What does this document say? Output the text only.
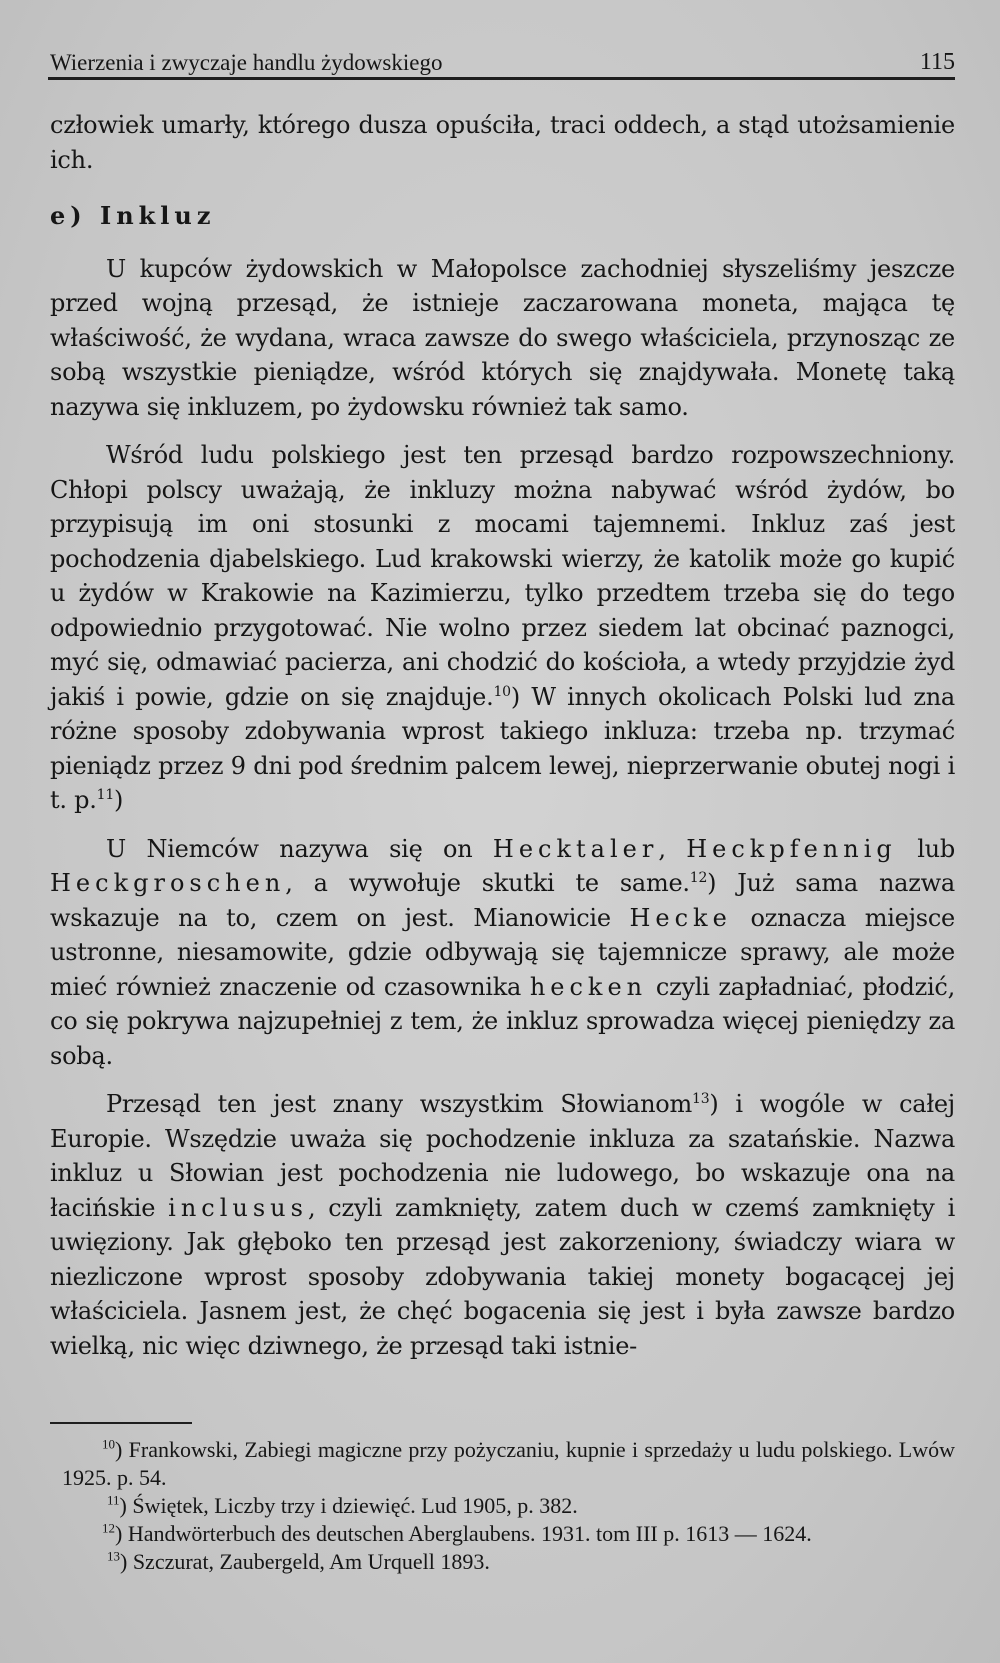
Wierzenia i zwyczaje handlu żydowskiego	115

człowiek umarły, którego dusza opuściła, traci oddech, a stąd utożsamienie ich.

e) Inkluz

U kupców żydowskich w Małopolsce zachodniej słyszeliśmy jeszcze przed wojną przesąd, że istnieje zaczarowana moneta, mająca tę właściwość, że wydana, wraca zawsze do swego właściciela, przynosząc ze sobą wszystkie pieniądze, wśród których się znajdywała. Monetę taką nazywa się inkluzem, po żydowsku również tak samo.

Wśród ludu polskiego jest ten przesąd bardzo rozpowszechniony. Chłopi polscy uważają, że inkluzy można nabywać wśród żydów, bo przypisują im oni stosunki z mocami tajemnemi. Inkluz zaś jest pochodzenia djabelskiego. Lud krakowski wierzy, że katolik może go kupić u żydów w Krakowie na Kazimierzu, tylko przedtem trzeba się do tego odpowiednio przygotować. Nie wolno przez siedem lat obcinać paznogci, myć się, odmawiać pacierza, ani chodzić do kościoła, a wtedy przyjdzie żyd jakiś i powie, gdzie on się znajduje.$^{10}$) W innych okolicach Polski lud zna różne sposoby zdobywania wprost takiego inkluza: trzeba np. trzymać pieniądz przez 9 dni pod średnim palcem lewej, nieprzerwanie obutej nogi i t. p.$^{11}$)

U Niemców nazywa się on Hecktaler, Heckpfennig lub Heckgroschen, a wywołuje skutki te same.$^{12}$) Już sama nazwa wskazuje na to, czem on jest. Mianowicie Hecke oznacza miejsce ustronne, niesamowite, gdzie odbywają się tajemnicze sprawy, ale może mieć również znaczenie od czasownika hecken czyli zapładniać, płodzić, co się pokrywa najzupełniej z tem, że inkluz sprowadza więcej pieniędzy za sobą.

Przesąd ten jest znany wszystkim Słowianom$^{13}$) i wogóle w całej Europie. Wszędzie uważa się pochodzenie inkluza za szatańskie. Nazwa inkluz u Słowian jest pochodzenia nie ludowego, bo wskazuje ona na łacińskie inclusus, czyli zamknięty, zatem duch w czemś zamknięty i uwięziony. Jak głęboko ten przesąd jest zakorzeniony, świadczy wiara w niezliczone wprost sposoby zdobywania takiej monety bogacącej jej właściciela. Jasnem jest, że chęć bogacenia się jest i była zawsze bardzo wielką, nic więc dziwnego, że przesąd taki istnie-

$^{10}$) Frankowski, Zabiegi magiczne przy pożyczaniu, kupnie i sprzedaży u ludu polskiego. Lwów 1925. p. 54.

$^{11}$) Świętek, Liczby trzy i dziewięć. Lud 1905, p. 382.

$^{12}$) Handwörterbuch des deutschen Aberglaubens. 1931. tom III p. 1613 — 1624.

$^{13}$) Szczurat, Zaubergeld, Am Urquell 1893.
